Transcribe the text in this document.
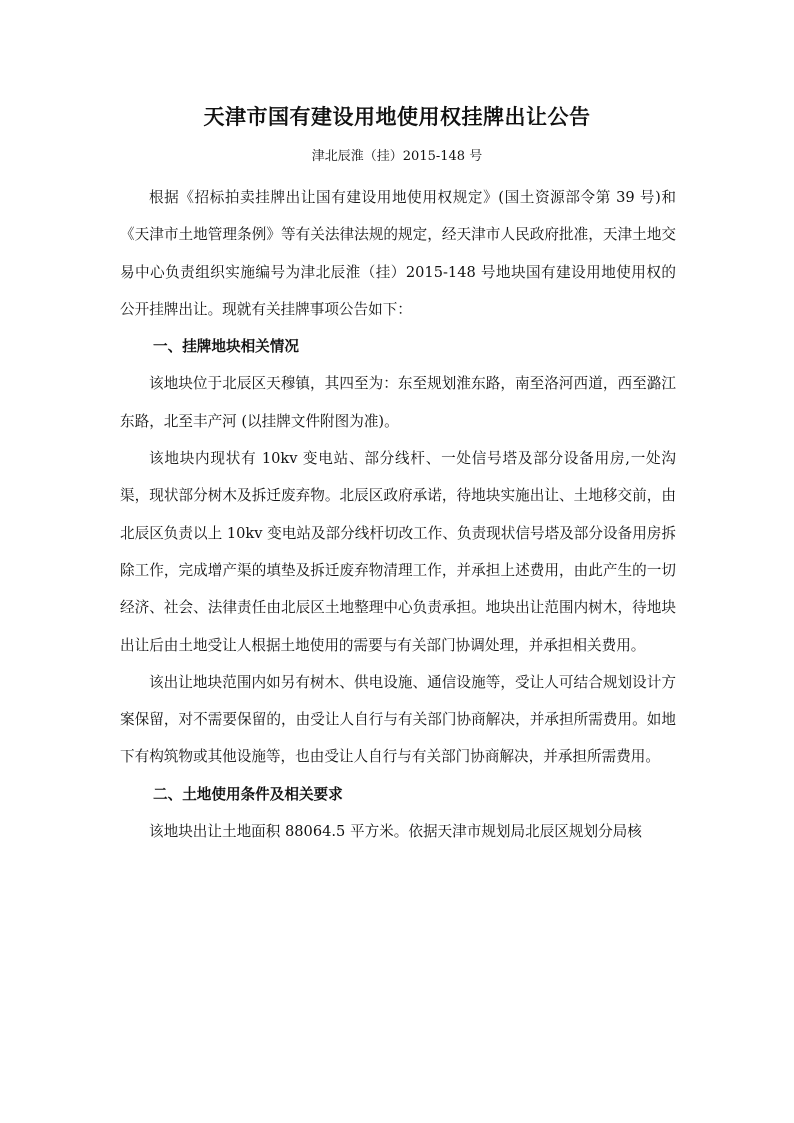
天津市国有建设用地使用权挂牌出让公告
津北辰淮（挂）2015-148 号

根据《招标拍卖挂牌出让国有建设用地使用权规定》(国土资源部令第 39 号)和《天津市土地管理条例》等有关法律法规的规定，经天津市人民政府批准，天津土地交易中心负责组织实施编号为津北辰淮（挂）2015-148 号地块国有建设用地使用权的公开挂牌出让。现就有关挂牌事项公告如下：

一、挂牌地块相关情况

该地块位于北辰区天穆镇，其四至为：东至规划淮东路，南至洛河西道，西至潞江东路，北至丰产河 (以挂牌文件附图为准)。

该地块内现状有 10kv 变电站、部分线杆、一处信号塔及部分设备用房,一处沟渠，现状部分树木及拆迁废弃物。北辰区政府承诺，待地块实施出让、土地移交前，由北辰区负责以上 10kv 变电站及部分线杆切改工作、负责现状信号塔及部分设备用房拆除工作，完成增产渠的填垫及拆迁废弃物清理工作，并承担上述费用，由此产生的一切经济、社会、法律责任由北辰区土地整理中心负责承担。地块出让范围内树木，待地块出让后由土地受让人根据土地使用的需要与有关部门协调处理，并承担相关费用。

该出让地块范围内如另有树木、供电设施、通信设施等，受让人可结合规划设计方案保留，对不需要保留的，由受让人自行与有关部门协商解决，并承担所需费用。如地下有构筑物或其他设施等，也由受让人自行与有关部门协商解决，并承担所需费用。

二、土地使用条件及相关要求

该地块出让土地面积 88064.5 平方米。依据天津市规划局北辰区规划分局核
